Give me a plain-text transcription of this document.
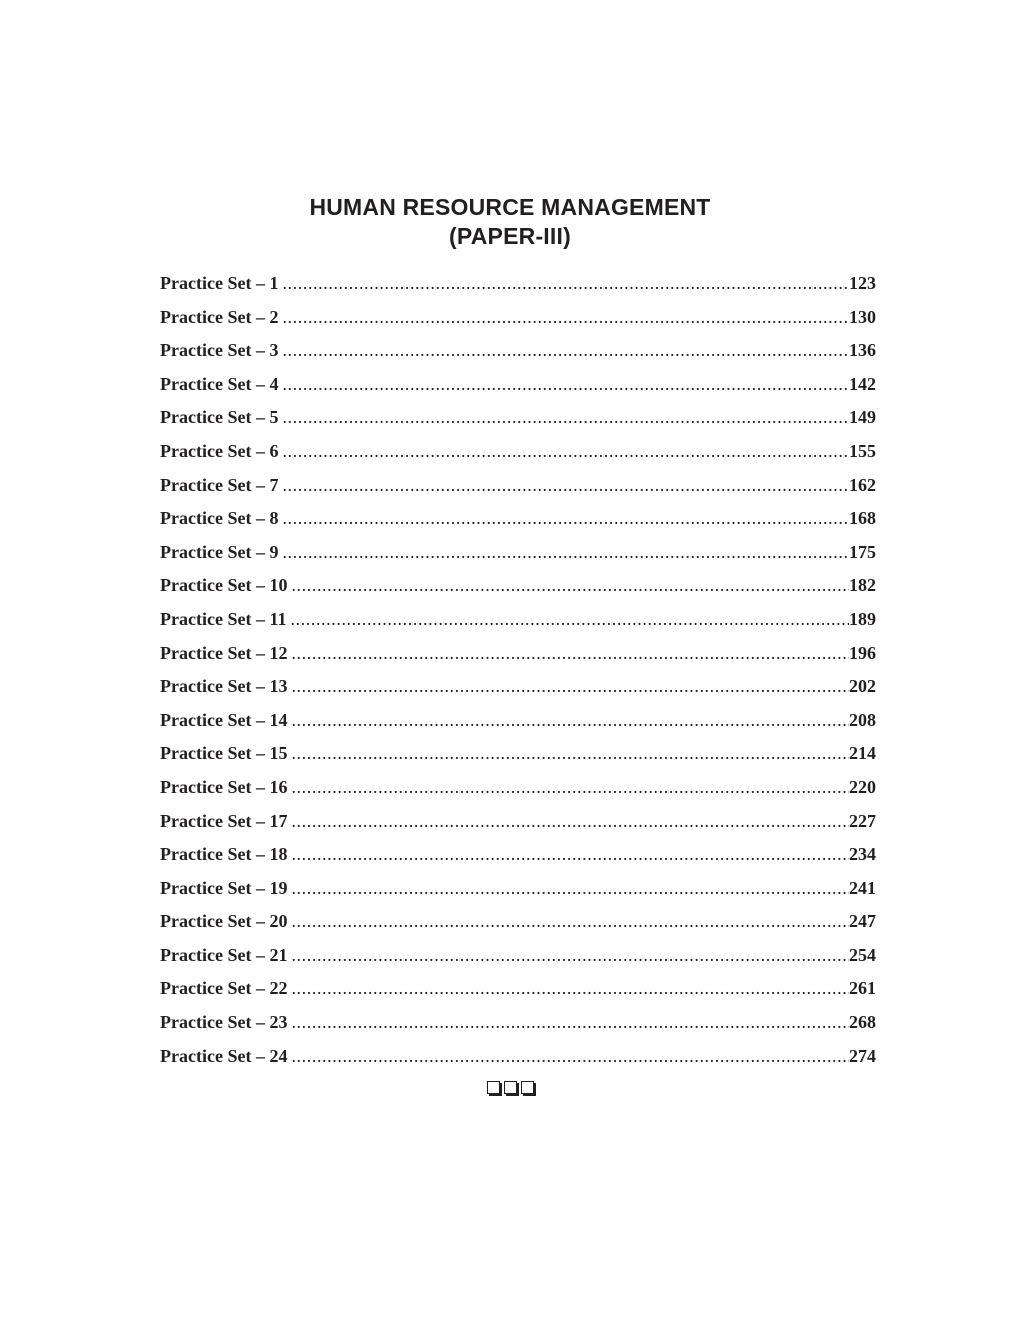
HUMAN RESOURCE MANAGEMENT
(PAPER-III)
Practice Set – 1 .....	123
Practice Set – 2 .....	130
Practice Set – 3 .....	136
Practice Set – 4 .....	142
Practice Set – 5 .....	149
Practice Set – 6 .....	155
Practice Set – 7 .....	162
Practice Set – 8 .....	168
Practice Set – 9 .....	175
Practice Set – 10 .....	182
Practice Set – 11 .....	189
Practice Set – 12 .....	196
Practice Set – 13 .....	202
Practice Set – 14 .....	208
Practice Set – 15 .....	214
Practice Set – 16 .....	220
Practice Set – 17 .....	227
Practice Set – 18 .....	234
Practice Set – 19 .....	241
Practice Set – 20 .....	247
Practice Set – 21 .....	254
Practice Set – 22 .....	261
Practice Set – 23 .....	268
Practice Set – 24 .....	274
